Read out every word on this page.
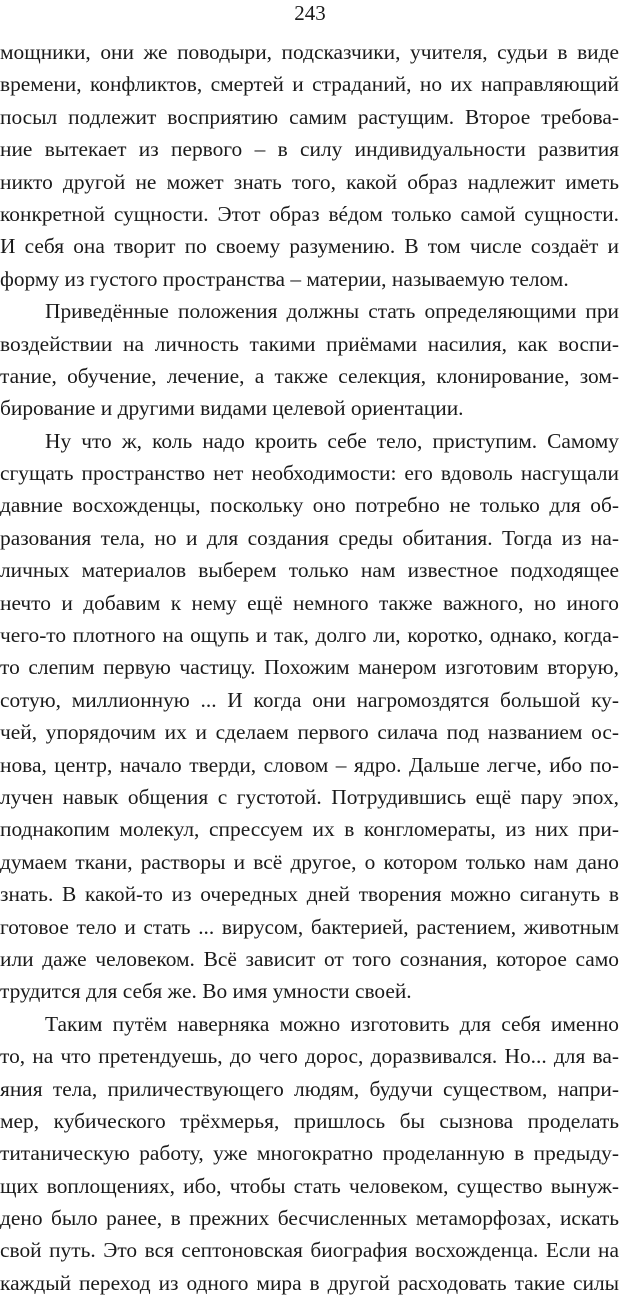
243
мощники, они же поводыри, подсказчики, учителя, судьи в виде
времени, конфликтов, смертей и страданий, но их направляющий
посыл подлежит восприятию самим растущим. Второе требова-
ние вытекает из первого – в силу индивидуальности развития
никто другой не может знать того, какой образ надлежит иметь
конкретной сущности. Этот образ вéдом только самой сущности.
И себя она творит по своему разумению. В том числе создаёт и
форму из густого пространства – материи, называемую телом.
Приведённые положения должны стать определяющими при
воздействии на личность такими приёмами насилия, как воспи-
тание, обучение, лечение, а также селекция, клонирование, зом-
бирование и другими видами целевой ориентации.
Ну что ж, коль надо кроить себе тело, приступим. Самому
сгущать пространство нет необходимости: его вдоволь насгущали
давние восхожденцы, поскольку оно потребно не только для об-
разования тела, но и для создания среды обитания. Тогда из на-
личных материалов выберем только нам известное подходящее
нечто и добавим к нему ещё немного также важного, но иного
чего-то плотного на ощупь и так, долго ли, коротко, однако, когда-
то слепим первую частицу. Похожим манером изготовим вторую,
сотую, миллионную ... И когда они нагромоздятся большой ку-
чей, упорядочим их и сделаем первого силача под названием ос-
нова, центр, начало тверди, словом – ядро. Дальше легче, ибо по-
лучен навык общения с густотой. Потрудившись ещё пару эпох,
поднакопим молекул, спрессуем их в конгломераты, из них при-
думаем ткани, растворы и всё другое, о котором только нам дано
знать. В какой-то из очередных дней творения можно сигануть в
готовое тело и стать ... вирусом, бактерией, растением, животным
или даже человеком. Всё зависит от того сознания, которое само
трудится для себя же. Во имя умности своей.
Таким путём наверняка можно изготовить для себя именно
то, на что претендуешь, до чего дорос, доразвивался. Но... для ва-
яния тела, приличествующего людям, будучи существом, напри-
мер, кубического трёхмерья, пришлось бы сызнова проделать
титаническую работу, уже многократно проделанную в предыду-
щих воплощениях, ибо, чтобы стать человеком, существо вынуж-
дено было ранее, в прежних бесчисленных метаморфозах, искать
свой путь. Это вся септоновская биография восхожденца. Если на
каждый переход из одного мира в другой расходовать такие силы
